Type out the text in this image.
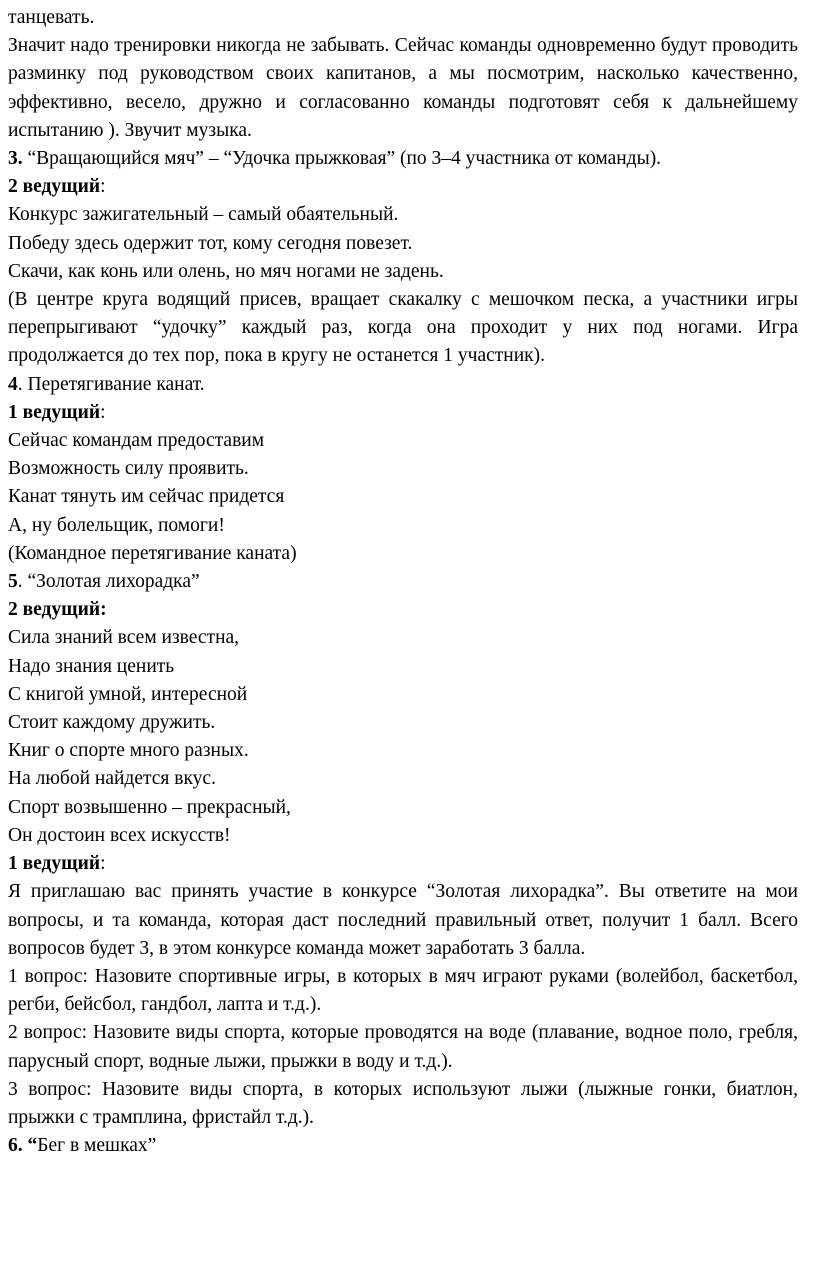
танцевать.

Значит надо тренировки никогда не забывать. Сейчас команды одновременно будут проводить разминку под руководством своих капитанов, а мы посмотрим, насколько качественно, эффективно, весело, дружно и согласованно команды подготовят себя к дальнейшему испытанию ). Звучит музыка.

3. “Вращающийся мяч” – “Удочка прыжковая” (по 3–4 участника от команды).

2 ведущий:

Конкурс зажигательный – самый обаятельный.

Победу здесь одержит тот, кому сегодня повезет.

Скачи, как конь или олень, но мяч ногами не задень.

(В центре круга водящий присев, вращает скакалку с мешочком песка, а участники игры перепрыгивают “удочку” каждый раз, когда она проходит у них под ногами. Игра продолжается до тех пор, пока в кругу не останется 1 участник).

4. Перетягивание канат.

1 ведущий:

Сейчас командам предоставим

Возможность силу проявить.

Канат тянуть им сейчас придется

А, ну болельщик, помоги!

(Командное перетягивание каната)

5. “Золотая лихорадка”

2 ведущий:

Сила знаний всем известна,

Надо знания ценить

С книгой умной, интересной

Стоит каждому дружить.

Книг о спорте много разных.

На любой найдется вкус.

Спорт возвышенно – прекрасный,

Он достоин всех искусств!

1 ведущий:

Я приглашаю вас принять участие в конкурсе “Золотая лихорадка”. Вы ответите на мои вопросы, и та команда, которая даст последний правильный ответ, получит 1 балл. Всего вопросов будет 3, в этом конкурсе команда может заработать 3 балла.

1 вопрос: Назовите спортивные игры, в которых в мяч играют руками (волейбол, баскетбол, регби, бейсбол, гандбол, лапта и т.д.).

2 вопрос: Назовите виды спорта, которые проводятся на воде (плавание, водное поло, гребля, парусный спорт, водные лыжи, прыжки в воду и т.д.).

3 вопрос: Назовите виды спорта, в которых используют лыжи (лыжные гонки, биатлон, прыжки с трамплина, фристайл т.д.).

6. “Бег в мешках”
